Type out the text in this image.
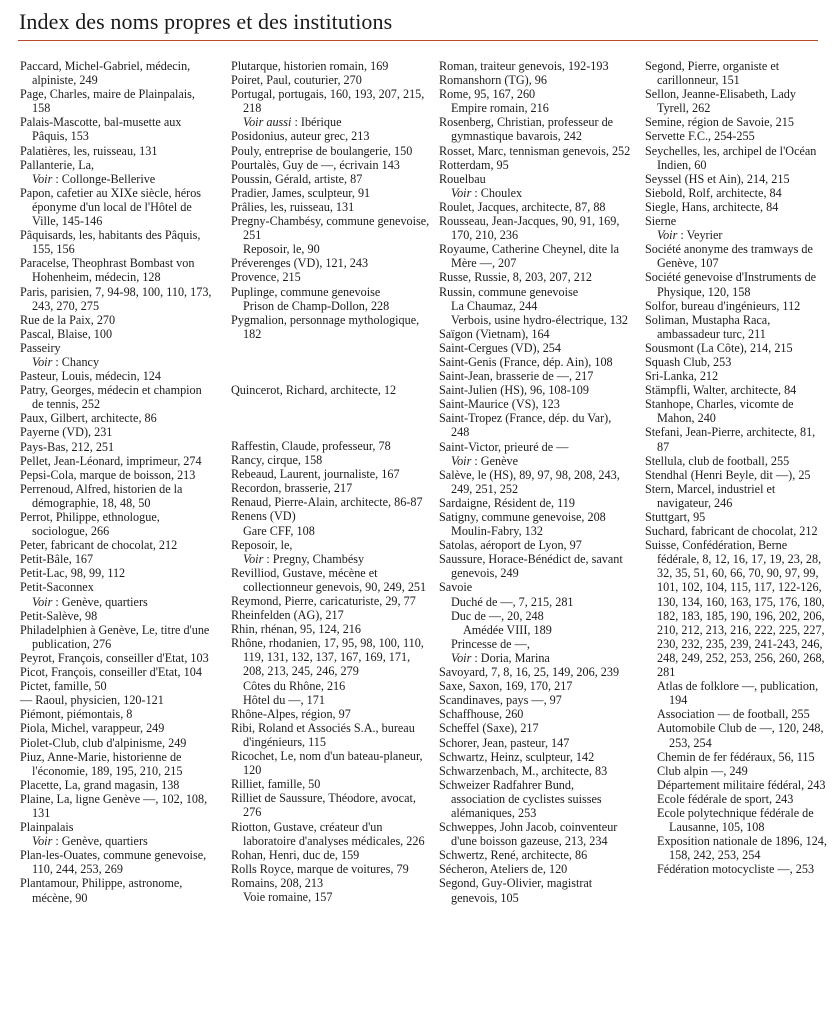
Index des noms propres et des institutions

Paccard, Michel-Gabriel, médecin, alpiniste, 249

Page, Charles, maire de Plainpalais, 158

Palais-Mascotte, bal-musette aux Pâquis, 153

Palatières, les, ruisseau, 131

Pallanterie, La,

Voir : Collonge-Bellerive

Papon, cafetier au XIXe siècle, héros éponyme d'un local de l'Hôtel de Ville, 145-146

Pâquisards, les, habitants des Pâquis, 155, 156

Paracelse, Theophrast Bombast von Hohenheim, médecin, 128

Paris, parisien, 7, 94-98, 100, 110, 173, 243, 270, 275

Rue de la Paix, 270

Pascal, Blaise, 100

Passeiry

Voir : Chancy

Pasteur, Louis, médecin, 124

Patry, Georges, médecin et champion de tennis, 252

Paux, Gilbert, architecte, 86

Payerne (VD), 231

Pays-Bas, 212, 251

Pellet, Jean-Léonard, imprimeur, 274

Pepsi-Cola, marque de boisson, 213

Perrenoud, Alfred, historien de la démographie, 18, 48, 50

Perrot, Philippe, ethnologue, sociologue, 266

Peter, fabricant de chocolat, 212

Petit-Bâle, 167

Petit-Lac, 98, 99, 112

Petit-Saconnex

Voir : Genève, quartiers

Petit-Salève, 98

Philadelphien à Genève, Le, titre d'une publication, 276

Peyrot, François, conseiller d'Etat, 103

Picot, François, conseiller d'Etat, 104

Pictet, famille, 50

— Raoul, physicien, 120-121

Piémont, piémontais, 8

Piola, Michel, varappeur, 249

Piolet-Club, club d'alpinisme, 249

Piuz, Anne-Marie, historienne de l'économie, 189, 195, 210, 215

Placette, La, grand magasin, 138

Plaine, La, ligne Genève —, 102, 108, 131

Plainpalais

Voir : Genève, quartiers

Plan-les-Ouates, commune genevoise, 110, 244, 253, 269

Plantamour, Philippe, astronome, mécène, 90

Plutarque, historien romain, 169

Poiret, Paul, couturier, 270

Portugal, portugais, 160, 193, 207, 215, 218

Voir aussi : Ibérique

Posidonius, auteur grec, 213

Pouly, entreprise de boulangerie, 150

Pourtalès, Guy de —, écrivain 143

Poussin, Gérald, artiste, 87

Pradier, James, sculpteur, 91

Prâlies, les, ruisseau, 131

Pregny-Chambésy, commune genevoise, 251

Reposoir, le, 90

Préverenges (VD), 121, 243

Provence, 215

Puplinge, commune genevoise

Prison de Champ-Dollon, 228

Pygmalion, personnage mythologique, 182

Quincerot, Richard, architecte, 12

Raffestin, Claude, professeur, 78

Rancy, cirque, 158

Rebeaud, Laurent, journaliste, 167

Recordon, brasserie, 217

Renaud, Pierre-Alain, architecte, 86-87

Renens (VD)

Gare CFF, 108

Reposoir, le,

Voir : Pregny, Chambésy

Revilliod, Gustave, mécène et collectionneur genevois, 90, 249, 251

Reymond, Pierre, caricaturiste, 29, 77

Rheinfelden (AG), 217

Rhin, rhénan, 95, 124, 216

Rhône, rhodanien, 17, 95, 98, 100, 110, 119, 131, 132, 137, 167, 169, 171, 208, 213, 245, 246, 279

Côtes du Rhône, 216

Hôtel du —, 171

Rhône-Alpes, région, 97

Ribi, Roland et Associés S.A., bureau d'ingénieurs, 115

Ricochet, Le, nom d'un bateau-planeur, 120

Rilliet, famille, 50

Rilliet de Saussure, Théodore, avocat, 276

Riotton, Gustave, créateur d'un laboratoire d'analyses médicales, 226

Rohan, Henri, duc de, 159

Rolls Royce, marque de voitures, 79

Romains, 208, 213

Voie romaine, 157

Roman, traiteur genevois, 192-193

Romanshorn (TG), 96

Rome, 95, 167, 260

Empire romain, 216

Rosenberg, Christian, professeur de gymnastique bavarois, 242

Rosset, Marc, tennisman genevois, 252

Rotterdam, 95

Rouelbau

Voir : Choulex

Roulet, Jacques, architecte, 87, 88

Rousseau, Jean-Jacques, 90, 91, 169, 170, 210, 236

Royaume, Catherine Cheynel, dite la Mère —, 207

Russe, Russie, 8, 203, 207, 212

Russin, commune genevoise

La Chaumaz, 244

Verbois, usine hydro-électrique, 132

Saïgon (Vietnam), 164

Saint-Cergues (VD), 254

Saint-Genis (France, dép. Ain), 108

Saint-Jean, brasserie de —, 217

Saint-Julien (HS), 96, 108-109

Saint-Maurice (VS), 123

Saint-Tropez (France, dép. du Var), 248

Saint-Victor, prieuré de —

Voir : Genève

Salève, le (HS), 89, 97, 98, 208, 243, 249, 251, 252

Sardaigne, Résident de, 119

Satigny, commune genevoise, 208

Moulin-Fabry, 132

Satolas, aéroport de Lyon, 97

Saussure, Horace-Bénédict de, savant genevois, 249

Savoie

Duché de —, 7, 215, 281

Duc de —, 20, 248

Amédée VIII, 189

Princesse de —,

Voir : Doria, Marina

Savoyard, 7, 8, 16, 25, 149, 206, 239

Saxe, Saxon, 169, 170, 217

Scandinaves, pays —, 97

Schaffhouse, 260

Scheffel (Saxe), 217

Schorer, Jean, pasteur, 147

Schwartz, Heinz, sculpteur, 142

Schwarzenbach, M., architecte, 83

Schweizer Radfahrer Bund, association de cyclistes suisses alémaniques, 253

Schweppes, John Jacob, coinventeur d'une boisson gazeuse, 213, 234

Schwertz, René, architecte, 86

Sécheron, Ateliers de, 120

Segond, Guy-Olivier, magistrat genevois, 105

Segond, Pierre, organiste et carillonneur, 151

Sellon, Jeanne-Elisabeth, Lady Tyrell, 262

Semine, région de Savoie, 215

Servette F.C., 254-255

Seychelles, les, archipel de l'Océan Indien, 60

Seyssel (HS et Ain), 214, 215

Siebold, Rolf, architecte, 84

Siegle, Hans, architecte, 84

Sierne

Voir : Veyrier

Société anonyme des tramways de Genève, 107

Société genevoise d'Instruments de Physique, 120, 158

Solfor, bureau d'ingénieurs, 112

Soliman, Mustapha Raca, ambassadeur turc, 211

Sousmont (La Côte), 214, 215

Squash Club, 253

Sri-Lanka, 212

Stämpfli, Walter, architecte, 84

Stanhope, Charles, vicomte de Mahon, 240

Stefani, Jean-Pierre, architecte, 81, 87

Stellula, club de football, 255

Stendhal (Henri Beyle, dit —), 25

Stern, Marcel, industriel et navigateur, 246

Stuttgart, 95

Suchard, fabricant de chocolat, 212

Suisse, Confédération, Berne fédérale, 8, 12, 16, 17, 19, 23, 28, 32, 35, 51, 60, 66, 70, 90, 97, 99, 101, 102, 104, 115, 117, 122-126, 130, 134, 160, 163, 175, 176, 180, 182, 183, 185, 190, 196, 202, 206, 210, 212, 213, 216, 222, 225, 227, 230, 232, 235, 239, 241-243, 246, 248, 249, 252, 253, 256, 260, 268, 281

Atlas de folklore —, publication, 194

Association — de football, 255

Automobile Club de —, 120, 248, 253, 254

Chemin de fer fédéraux, 56, 115

Club alpin —, 249

Département militaire fédéral, 243

Ecole fédérale de sport, 243

Ecole polytechnique fédérale de Lausanne, 105, 108

Exposition nationale de 1896, 124, 158, 242, 253, 254

Fédération motocycliste —, 253
